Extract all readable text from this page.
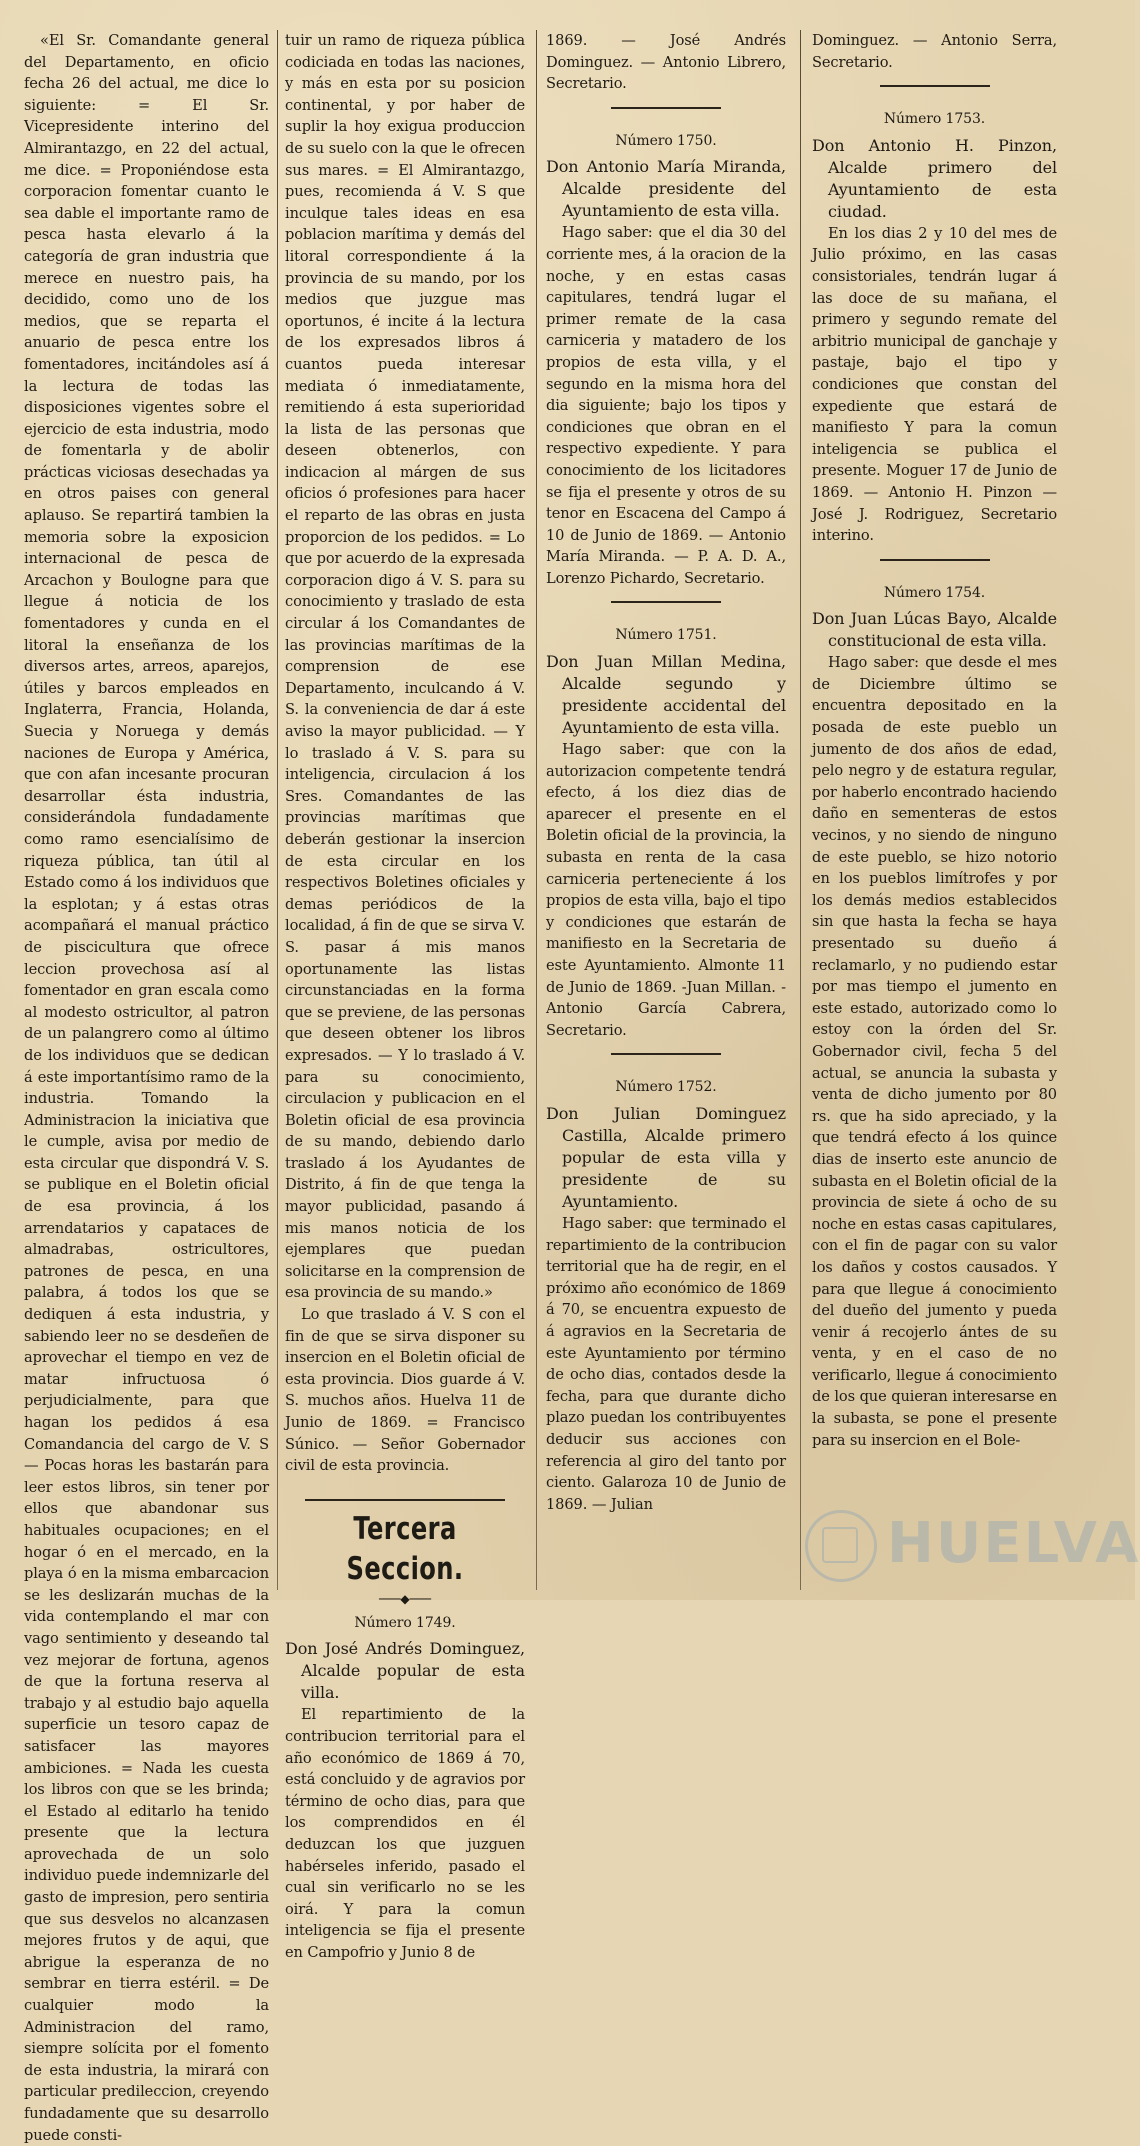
«El Sr. Comandante general del Departamento, en oficio fecha 26 del actual, me dice lo siguiente: = El Sr. Vicepresidente interino del Almirantazgo, en 22 del actual, me dice. = Proponiéndose esta corporacion fomentar cuanto le sea dable el importante ramo de pesca hasta elevarlo á la categoría de gran industria que merece en nuestro pais, ha decidido, como uno de los medios, que se reparta el anuario de pesca entre los fomentadores, incitándoles así á la lectura de todas las disposiciones vigentes sobre el ejercicio de esta industria, modo de fomentarla y de abolir prácticas viciosas desechadas ya en otros paises con general aplauso. Se repartirá tambien la memoria sobre la exposicion internacional de pesca de Arcachon y Boulogne para que llegue á noticia de los fomentadores y cunda en el litoral la enseñanza de los diversos artes, arreos, aparejos, útiles y barcos empleados en Inglaterra, Francia, Holanda, Suecia y Noruega y demás naciones de Europa y América, que con afan incesante procuran desarrollar ésta industria, considerándola fundadamente como ramo esencialísimo de riqueza pública, tan útil al Estado como á los individuos que la esplotan; y á estas otras acompañará el manual práctico de piscicultura que ofrece leccion provechosa así al fomentador en gran escala como al modesto ostricultor, al patron de un palangrero como al último de los individuos que se dedican á este importantísimo ramo de la industria. Tomando la Administracion la iniciativa que le cumple, avisa por medio de esta circular que dispondrá V. S. se publique en el Boletin oficial de esa provincia, á los arrendatarios y capataces de almadrabas, ostricultores, patrones de pesca, en una palabra, á todos los que se dediquen á esta industria, y sabiendo leer no se desdeñen de aprovechar el tiempo en vez de matar infructuosa ó perjudicialmente, para que hagan los pedidos á esa Comandancia del cargo de V. S — Pocas horas les bastarán para leer estos libros, sin tener por ellos que abandonar sus habituales ocupaciones; en el hogar ó en el mercado, en la playa ó en la misma embarcacion se les deslizarán muchas de la vida contemplando el mar con vago sentimiento y deseando tal vez mejorar de fortuna, agenos de que la fortuna reserva al trabajo y al estudio bajo aquella superficie un tesoro capaz de satisfacer las mayores ambiciones. = Nada les cuesta los libros con que se les brinda; el Estado al editarlo ha tenido presente que la lectura aprovechada de un solo individuo puede indemnizarle del gasto de impresion, pero sentiria que sus desvelos no alcanzasen mejores frutos y de aqui, que abrigue la esperanza de no sembrar en tierra estéril. = De cualquier modo la Administracion del ramo, siempre solícita por el fomento de esta industria, la mirará con particular predileccion, creyendo fundadamente que su desarrollo puede consti-

tuir un ramo de riqueza pública codiciada en todas las naciones, y más en esta por su posicion continental, y por haber de suplir la hoy exigua produccion de su suelo con la que le ofrecen sus mares. = El Almirantazgo, pues, recomienda á V. S que inculque tales ideas en esa poblacion marítima y demás del litoral correspondiente á la provincia de su mando, por los medios que juzgue mas oportunos, é incite á la lectura de los expresados libros á cuantos pueda interesar mediata ó inmediatamente, remitiendo á esta superioridad la lista de las personas que deseen obtenerlos, con indicacion al márgen de sus oficios ó profesiones para hacer el reparto de las obras en justa proporcion de los pedidos. = Lo que por acuerdo de la expresada corporacion digo á V. S. para su conocimiento y traslado de esta circular á los Comandantes de las provincias marítimas de la comprension de ese Departamento, inculcando á V. S. la conveniencia de dar á este aviso la mayor publicidad. — Y lo traslado á V. S. para su inteligencia, circulacion á los Sres. Comandantes de las provincias marítimas que deberán gestionar la insercion de esta circular en los respectivos Boletines oficiales y demas periódicos de la localidad, á fin de que se sirva V. S. pasar á mis manos oportunamente las listas circunstanciadas en la forma que se previene, de las personas que deseen obtener los libros expresados. — Y lo traslado á V. para su conocimiento, circulacion y publicacion en el Boletin oficial de esa provincia de su mando, debiendo darlo traslado á los Ayudantes de Distrito, á fin de que tenga la mayor publicidad, pasando á mis manos noticia de los ejemplares que puedan solicitarse en la comprension de esa provincia de su mando.»

Lo que traslado á V. S con el fin de que se sirva disponer su insercion en el Boletin oficial de esta provincia. Dios guarde á V. S. muchos años. Huelva 11 de Junio de 1869. = Francisco Súnico. — Señor Gobernador civil de esta provincia.

Tercera Seccion.
───◆───
Número 1749.

Don José Andrés Dominguez, Alcalde popular de esta villa.

El repartimiento de la contribucion territorial para el año económico de 1869 á 70, está concluido y de agravios por término de ocho dias, para que los comprendidos en él deduzcan los que juzguen habérseles inferido, pasado el cual sin verificarlo no se les oirá. Y para la comun inteligencia se fija el presente en Campofrio y Junio 8 de

1869. — José Andrés Dominguez. — Antonio Librero, Secretario.

Número 1750.

Don Antonio María Miranda, Alcalde presidente del Ayuntamiento de esta villa.

Hago saber: que el dia 30 del corriente mes, á la oracion de la noche, y en estas casas capitulares, tendrá lugar el primer remate de la casa carniceria y matadero de los propios de esta villa, y el segundo en la misma hora del dia siguiente; bajo los tipos y condiciones que obran en el respectivo expediente. Y para conocimiento de los licitadores se fija el presente y otros de su tenor en Escacena del Campo á 10 de Junio de 1869. — Antonio María Miranda. — P. A. D. A., Lorenzo Pichardo, Secretario.

Número 1751.

Don Juan Millan Medina, Alcalde segundo y presidente accidental del Ayuntamiento de esta villa.

Hago saber: que con la autorizacion competente tendrá efecto, á los diez dias de aparecer el presente en el Boletin oficial de la provincia, la subasta en renta de la casa carniceria perteneciente á los propios de esta villa, bajo el tipo y condiciones que estarán de manifiesto en la Secretaria de este Ayuntamiento. Almonte 11 de Junio de 1869. -Juan Millan. -Antonio García Cabrera, Secretario.

Número 1752.

Don Julian Dominguez Castilla, Alcalde primero popular de esta villa y presidente de su Ayuntamiento.

Hago saber: que terminado el repartimiento de la contribucion territorial que ha de regir, en el próximo año económico de 1869 á 70, se encuentra expuesto de á agravios en la Secretaria de este Ayuntamiento por término de ocho dias, contados desde la fecha, para que durante dicho plazo puedan los contribuyentes deducir sus acciones con referencia al giro del tanto por ciento. Galaroza 10 de Junio de 1869. — Julian

Dominguez. — Antonio Serra, Secretario.

Número 1753.

Don Antonio H. Pinzon, Alcalde primero del Ayuntamiento de esta ciudad.

En los dias 2 y 10 del mes de Julio próximo, en las casas consistoriales, tendrán lugar á las doce de su mañana, el primero y segundo remate del arbitrio municipal de ganchaje y pastaje, bajo el tipo y condiciones que constan del expediente que estará de manifiesto Y para la comun inteligencia se publica el presente. Moguer 17 de Junio de 1869. — Antonio H. Pinzon — José J. Rodriguez, Secretario interino.

Número 1754.

Don Juan Lúcas Bayo, Alcalde constitucional de esta villa.

Hago saber: que desde el mes de Diciembre último se encuentra depositado en la posada de este pueblo un jumento de dos años de edad, pelo negro y de estatura regular, por haberlo encontrado haciendo daño en sementeras de estos vecinos, y no siendo de ninguno de este pueblo, se hizo notorio en los pueblos limítrofes y por los demás medios establecidos sin que hasta la fecha se haya presentado su dueño á reclamarlo, y no pudiendo estar por mas tiempo el jumento en este estado, autorizado como lo estoy con la órden del Sr. Gobernador civil, fecha 5 del actual, se anuncia la subasta y venta de dicho jumento por 80 rs. que ha sido apreciado, y la que tendrá efecto á los quince dias de inserto este anuncio de subasta en el Boletin oficial de la provincia de siete á ocho de su noche en estas casas capitulares, con el fin de pagar con su valor los daños y costos causados. Y para que llegue á conocimiento del dueño del jumento y pueda venir á recojerlo ántes de su venta, y en el caso de no verificarlo, llegue á conocimiento de los que quieran interesarse en la subasta, se pone el presente para su insercion en el Bole-

HUELVA
